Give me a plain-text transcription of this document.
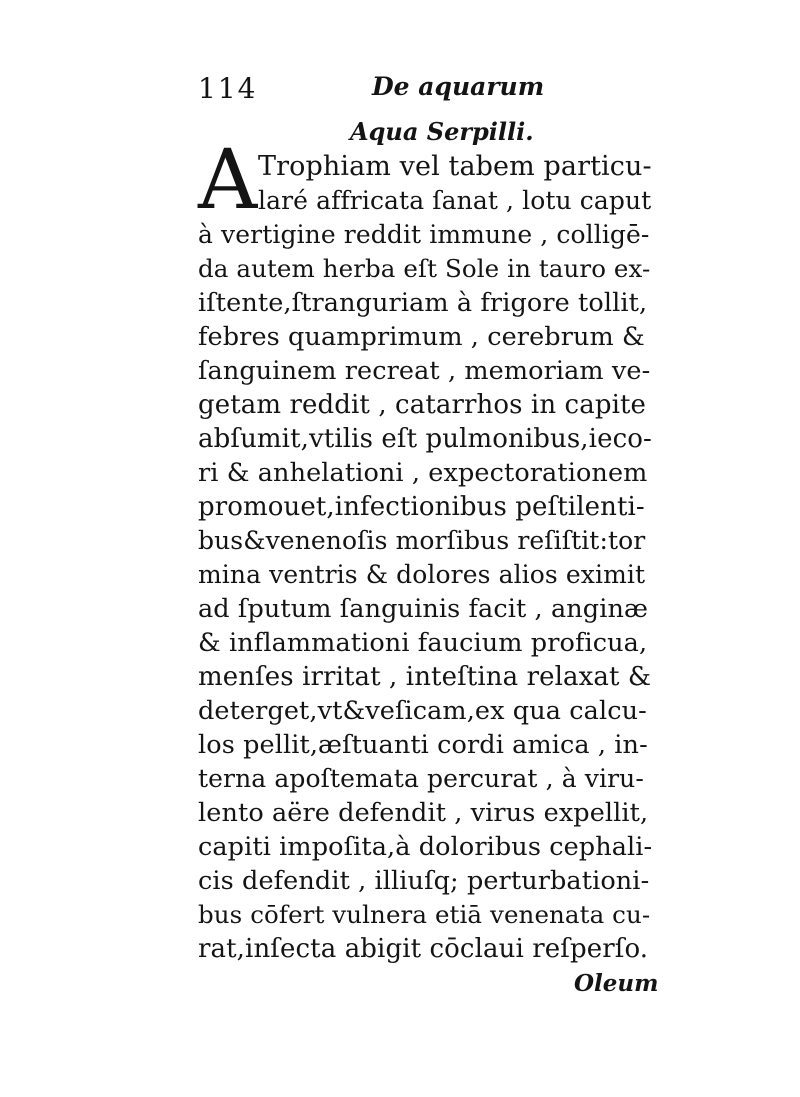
114	De aquarum
Aqua Serpilli.
A Trophiam vel tabem particu-
laré affricata ſanat , lotu caput
à vertigine reddit immune , colligē-
da autem herba eſt Sole in tauro ex-
iſtente,ſtranguriam à frigore tollit,
febres quamprimum , cerebrum &
ſanguinem recreat , memoriam ve-
getam reddit , catarrhos in capite
abſumit,vtilis eſt pulmonibus,ieco-
ri & anhelationi , expectorationem
promouet,infectionibus peſtilenti-
bus&venenoſis morſibus reſiſtit:tor
mina ventris & dolores alios eximit
ad ſputum ſanguinis facit , anginæ
& inflammationi faucium proficua,
menſes irritat , inteſtina relaxat &
deterget,vt&veſicam,ex qua calcu-
los pellit,æſtuanti cordi amica , in-
terna apoſtemata percurat , à viru-
lento aëre defendit , virus expellit,
capiti impoſita,à doloribus cephali-
cis defendit , illiuſq; perturbationi-
bus cōfert vulnera etiā venenata cu-
rat,inſecta abigit cōclaui reſperſo.
Oleum
